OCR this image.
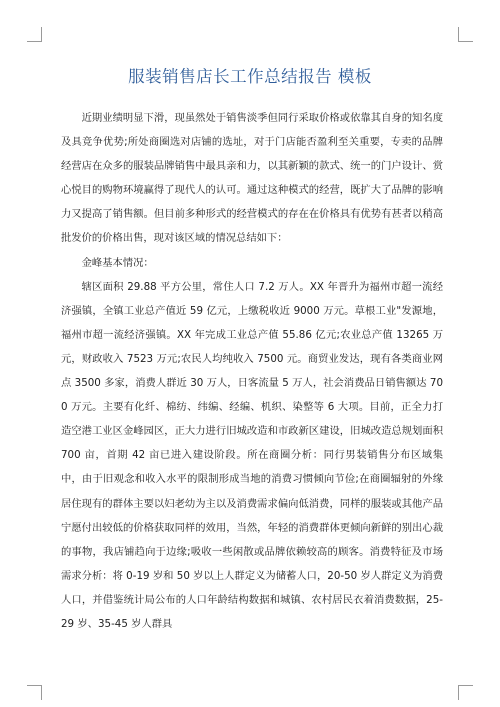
服装销售店长工作总结报告 模板

近期业绩明显下滑，现虽然处于销售淡季但同行采取价格或依靠其自身的知名度及具竞争优势;所处商圈选对店铺的选址，对于门店能否盈利至关重要，专卖的品牌经营店在众多的服装品牌销售中最具亲和力，以其新颖的款式、统一的门户设计、赏心悦目的购物环境赢得了现代人的认可。通过这种模式的经营，既扩大了品牌的影响力又提高了销售额。但目前多种形式的经营模式的存在在价格具有优势有甚者以稍高批发价的价格出售，现对该区域的情况总结如下：

金峰基本情况：

辖区面积 29.88 平方公里，常住人口 7.2 万人。XX 年晋升为福州市超一流经济强镇，全镇工业总产值近 59 亿元，上缴税收近 9000 万元。草根工业"发源地，福州市超一流经济强镇。XX 年完成工业总产值 55.86 亿元;农业总产值 13265 万元，财政收入 7523 万元;农民人均纯收入 7500 元。商贸业发达，现有各类商业网点 3500 多家，消费人群近 30 万人，日客流量 5 万人，社会消费品日销售额达 700 万元。主要有化纤、棉纺、纬编、经编、机织、染整等 6 大项。目前，正全力打造空港工业区金峰园区，正大力进行旧城改造和市政新区建设，旧城改造总规划面积 700 亩，首期 42 亩已进入建设阶段。所在商圈分析：同行男装销售分布区域集中，由于旧观念和收入水平的限制形成当地的消费习惯倾向节俭;在商圈辐射的外缘居住现有的群体主要以妇老幼为主以及消费需求偏向低消费，同样的服装或其他产品宁愿付出较低的价格获取同样的效用，当然，年轻的消费群体更倾向新鲜的别出心裁的事物，我店铺趋向于边缘;吸收一些闲散或品牌依赖较高的顾客。消费特征及市场需求分析：将 0-19 岁和 50 岁以上人群定义为储蓄人口，20-50 岁人群定义为消费人口，并借鉴统计局公布的人口年龄结构数据和城镇、农村居民衣着消费数据，25-29 岁、35-45 岁人群具
